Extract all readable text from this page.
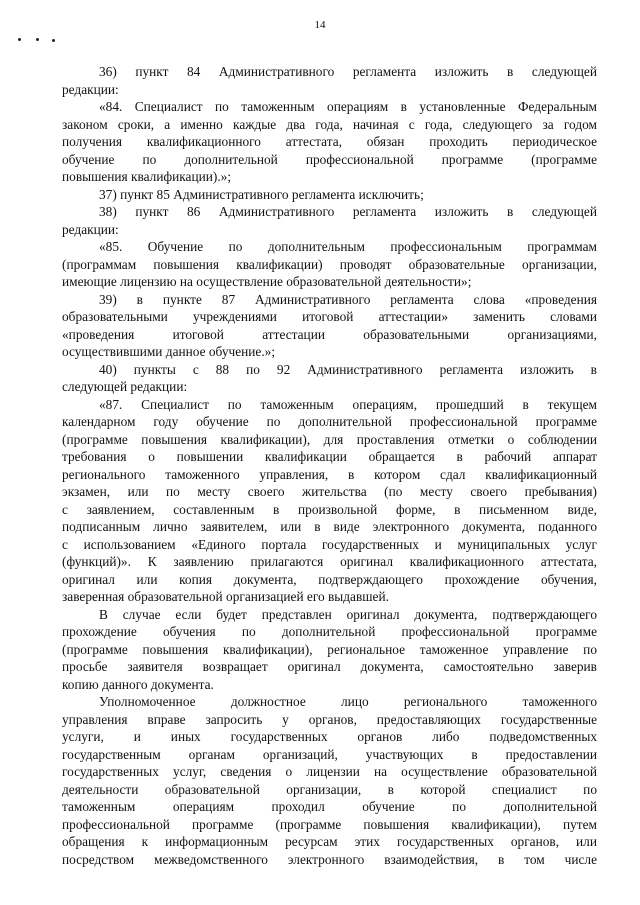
14
36) пункт 84 Административного регламента изложить в следующей
редакции:
«84. Специалист по таможенным операциям в установленные Федеральным
законом сроки, а именно каждые два года, начиная с года, следующего за годом
получения квалификационного аттестата, обязан проходить периодическое
обучение по дополнительной профессиональной программе (программе
повышения квалификации).»;
37) пункт 85 Административного регламента исключить;
38) пункт 86 Административного регламента изложить в следующей
редакции:
«85. Обучение по дополнительным профессиональным программам
(программам повышения квалификации) проводят образовательные организации,
имеющие лицензию на осуществление образовательной деятельности»;
39) в пункте 87 Административного регламента слова «проведения
образовательными учреждениями итоговой аттестации» заменить словами
«проведения итоговой аттестации образовательными организациями,
осуществившими данное обучение.»;
40) пункты с 88 по 92 Административного регламента изложить в
следующей редакции:
«87. Специалист по таможенным операциям, прошедший в текущем
календарном году обучение по дополнительной профессиональной программе
(программе повышения квалификации), для проставления отметки о соблюдении
требования о повышении квалификации обращается в рабочий аппарат
регионального таможенного управления, в котором сдал квалификационный
экзамен, или по месту своего жительства (по месту своего пребывания)
с заявлением, составленным в произвольной форме, в письменном виде,
подписанным лично заявителем, или в виде электронного документа, поданного
с использованием «Единого портала государственных и муниципальных услуг
(функций)». К заявлению прилагаются оригинал квалификационного аттестата,
оригинал или копия документа, подтверждающего прохождение обучения,
заверенная образовательной организацией его выдавшей.
В случае если будет представлен оригинал документа, подтверждающего
прохождение обучения по дополнительной профессиональной программе
(программе повышения квалификации), региональное таможенное управление по
просьбе заявителя возвращает оригинал документа, самостоятельно заверив
копию данного документа.
Уполномоченное должностное лицо регионального таможенного
управления вправе запросить у органов, предоставляющих государственные
услуги, и иных государственных органов либо подведомственных
государственным органам организаций, участвующих в предоставлении
государственных услуг, сведения о лицензии на осуществление образовательной
деятельности образовательной организации, в которой специалист по
таможенным операциям проходил обучение по дополнительной
профессиональной программе (программе повышения квалификации), путем
обращения к информационным ресурсам этих государственных органов, или
посредством межведомственного электронного взаимодействия, в том числе
